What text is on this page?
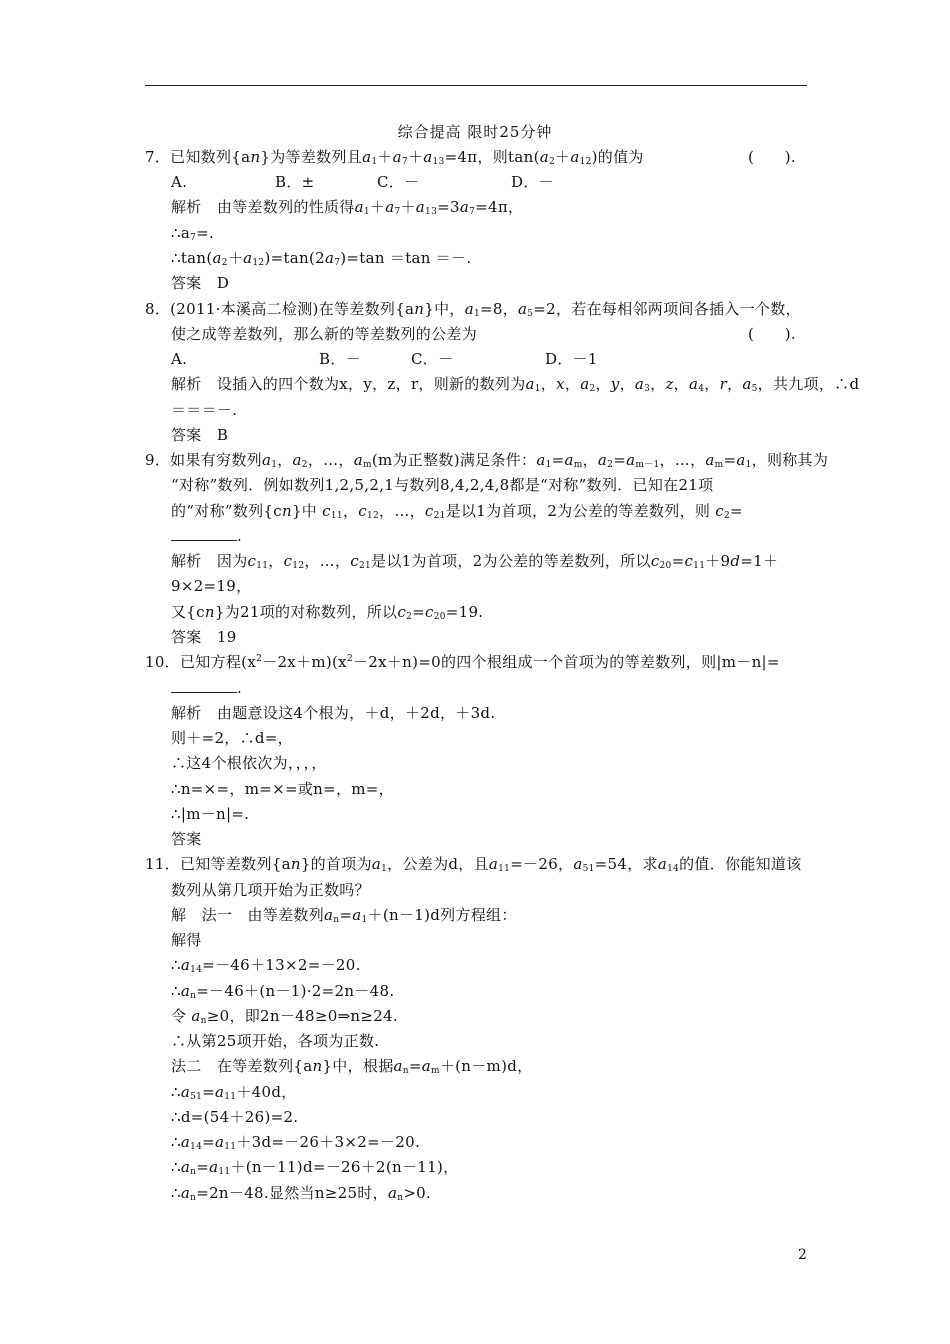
综合提高 限时25分钟
7．已知数列{an}为等差数列且$a_1+a_7+a_{13}=4\pi$，则$\tan(a_2+a_{12})$的值为	(　　).
A.	B．±	C．－	D．－
解析　由等差数列的性质得$a_1+a_7+a_{13}=3a_7=4\pi$，
$\therefore a_7=$.
$\therefore\tan(a_2+a_{12})=\tan(2a_7)=\tan =\tan$ ＝－.
答案　D
8．(2011·本溪高二检测)在等差数列{an}中，$a_1=8$，$a_5=2$，若在每相邻两项间各插入一个数，
使之成等差数列，那么新的等差数列的公差为	(　　).
A.	B．－	C．－	D．－1
解析　设插入的四个数为x，y，z，r，则新的数列为$a_1$，x，$a_2$，y，$a_3$，z，$a_4$，r，$a_5$，共九项，∴d
＝＝＝－.
答案　B
9．如果有穷数列$a_1$，$a_2$，…，$a_m(m$为正整数)满足条件：$a_1=a_m$，$a_2=a_{m-1}$，…，$a_m=a_1$，则称其为
“对称”数列．例如数列1,2,5,2,1与数列8,4,2,4,8都是“对称”数列．已知在21项
的“对称”数列{cn}中 $c_{11}$，$c_{12}$，…，$c_{21}$是以1为首项，2为公差的等差数列，则 $c_2=$
.
解析　因为$c_{11}$，$c_{12}$，…，$c_{21}$是以1为首项，2为公差的等差数列，所以$c_{20}=c_{11}+9d=1+$
9×2=19，
又{cn}为21项的对称数列，所以$c_2=c_{20}=19$.
答案　19
10．已知方程$(x^2-2x+m)(x^2-2x+n)=0$的四个根组成一个首项为的等差数列，则|m－n|=
.
解析　由题意设这4个根为，＋d，＋2d，＋3d.
则＋=2，∴d=，
∴这4个根依次为，，，，
∴n=×=，m=×=或n=，m=，
∴|m－n|=.
答案
11．已知等差数列{an}的首项为$a_1$，公差为d，且$a_{11}=-26$，$a_{51}=54$，求$a_{14}$的值．你能知道该
数列从第几项开始为正数吗？
解　法一　由等差数列$a_n=a_1+(n-1)d$列方程组：
解得
$\therefore a_{14}=-46+13\times 2=-20$.
$\therefore a_n=-46+(n-1)\cdot 2=2n-48$.
令 $a_n\ge 0$，即2n－48≥0⇒n≥24.
∴从第25项开始，各项为正数.
法二　在等差数列{an}中，根据$a_n=a_m+(n-m)d$，
$\therefore a_{51}=a_{11}+40d$，
∴d=(54＋26)=2.
$\therefore a_{14}=a_{11}+3d=-26+3\times 2=-20$.
$\therefore a_n=a_{11}+(n-11)d=-26+2(n-11)$，
$\therefore a_n=2n-48$.显然当n≥25时，$a_n>0$.
2
